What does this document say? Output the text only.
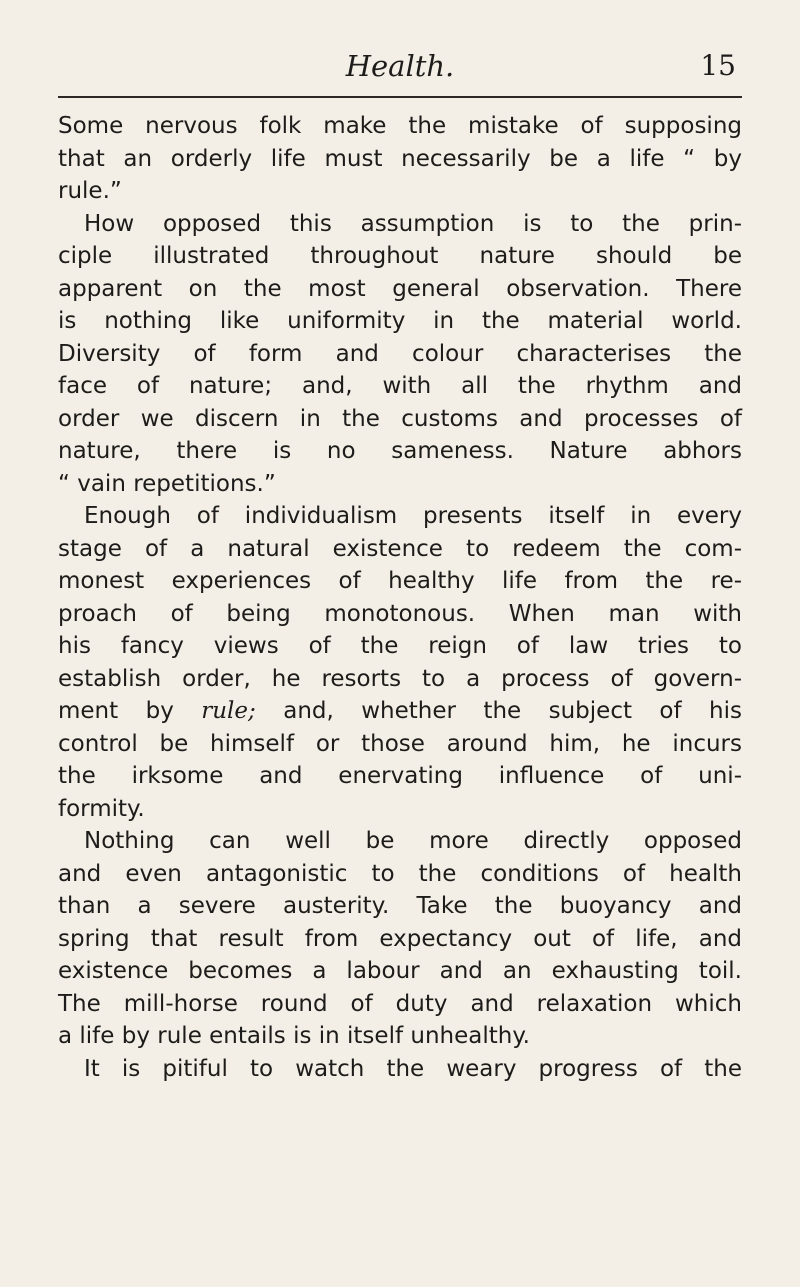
Health.	15
Some nervous folk make the mistake of supposing
that an orderly life must necessarily be a life “ by
rule.”
How opposed this assumption is to the prin-
ciple illustrated throughout nature should be
apparent on the most general observation. There
is nothing like uniformity in the material world.
Diversity of form and colour characterises the
face of nature; and, with all the rhythm and
order we discern in the customs and processes of
nature, there is no sameness. Nature abhors
“ vain repetitions.”
Enough of individualism presents itself in every
stage of a natural existence to redeem the com-
monest experiences of healthy life from the re-
proach of being monotonous. When man with
his fancy views of the reign of law tries to
establish order, he resorts to a process of govern-
ment by rule; and, whether the subject of his
control be himself or those around him, he incurs
the irksome and enervating influence of uni-
formity.
Nothing can well be more directly opposed
and even antagonistic to the conditions of health
than a severe austerity. Take the buoyancy and
spring that result from expectancy out of life, and
existence becomes a labour and an exhausting toil.
The mill-horse round of duty and relaxation which
a life by rule entails is in itself unhealthy.
It is pitiful to watch the weary progress of the
